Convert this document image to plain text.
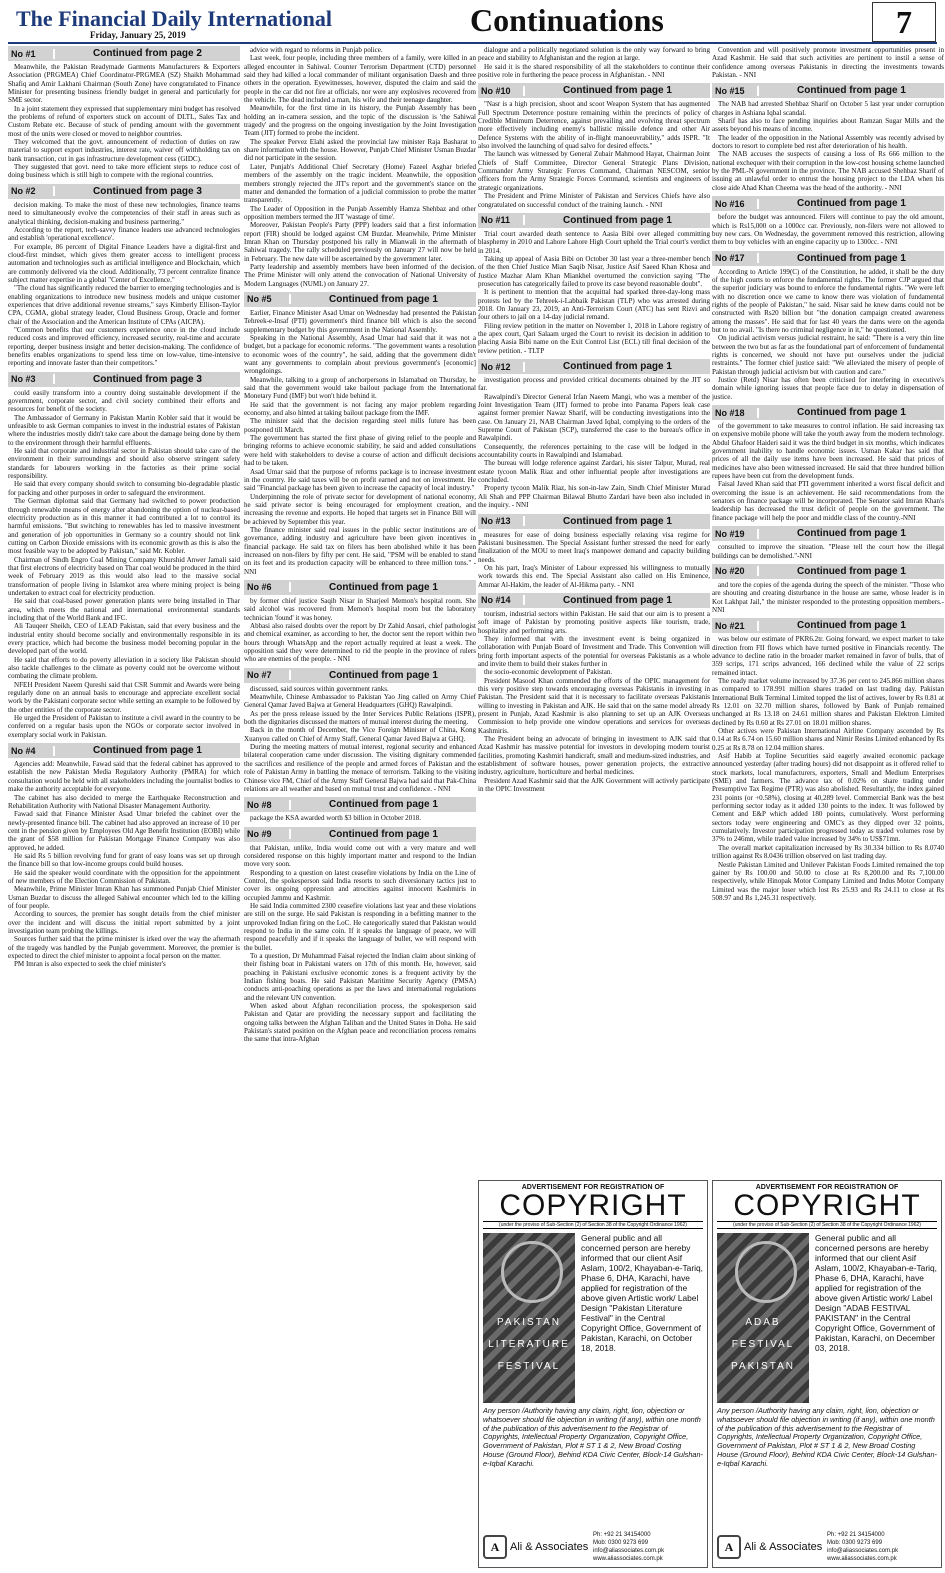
The Financial Daily International
Friday, January 25, 2019	Continuations	7
No #1	Continued from page 2

Meanwhile, the Pakistan Readymade Garments Manufacturers & Exporters Association (PRGMEA) Chief Coordinator-PRGMEA (SZ) Shaikh Mohammad Shafiq and Amir Lakhani Chairman (South Zone) have congratulated to Finance Minister for presenting business friendly budget in general and particularly for SME sector.

In a joint statement they expressed that supplementary mini budget has resolved the problems of refund of exporters stuck on account of DLTL, Sales Tax and Custom Rebate etc. Because of stuck of pending amount with the government most of the units were closed or moved to neighbor countries.

They welcomed that the govt. announcement of reduction of duties on raw material to support export industries, interest rate, waiver off withholding tax on bank transaction, cut in gas infrastructure development cess (GIDC).

They suggested that govt. need to take more efficient steps to reduce cost of doing business which is still high to compete with the regional countries.

No #2	Continued from page 3

decision making. To make the most of these new technologies, finance teams need to simultaneously evolve the competencies of their staff in areas such as analytical thinking, decision-making and business partnering."

According to the report, tech-savvy finance leaders use advanced technologies and establish 'operational excellence'.

For example, 86 percent of Digital Finance Leaders have a digital-first and cloud-first mindset, which gives them greater access to intelligent process automation and technologies such as artificial intelligence and Blockchain, which are commonly delivered via the cloud. Additionally, 73 percent centralize finance subject matter expertise in a global "Center of Excellence."

"The cloud has significantly reduced the barrier to emerging technologies and is enabling organizations to introduce new business models and unique customer experiences that drive additional revenue streams," says Kimberly Ellison-Taylor CPA, CGMA, global strategy leader, Cloud Business Group, Oracle and former chair of the Association and the American Institute of CPAs (AICPA).

"Common benefits that our customers experience once in the cloud include reduced costs and improved efficiency, increased security, real-time and accurate reporting, deeper business insight and better decision-making. The confidence of benefits enables organizations to spend less time on low-value, time-intensive reporting and innovate faster than their competitors."

No #3	Continued from page 3

could easily transform into a country doing sustainable development if the government, corporate sector, and civil society combined their efforts and resources for benefit of the society.

The Ambassador of Germany in Pakistan Martin Kobler said that it would be unfeasible to ask German companies to invest in the industrial estates of Pakistan where the industries mostly didn't take care about the damage being done by them to the environment through their harmful effluents.

He said that corporate and industrial sector in Pakistan should take care of the environment in their surroundings and should also observe stringent safety standards for labourers working in the factories as their prime social responsibility.

He said that every company should switch to consuming bio-degradable plastic for packing and other purposes in order to safeguard the environment.

The German diplomat said that Germany had switched to power production through renewable means of energy after abandoning the option of nuclear-based electricity production as in this manner it had contributed a lot to control its harmful emissions. "But switching to renewables has led to massive investment and generation of job opportunities in Germany so a country should not link cutting on Carbon Dioxide emissions with its economic growth as this is also the most feasible way to be adopted by Pakistan," said Mr. Kobler.

Chairman of Sindh Engro Coal Mining Company Khurshid Anwer Jamali said that first electrons of electricity based on Thar coal would be produced in the third week of February 2019 as this would also lead to the massive social transformation of people living in Islamkot area where mining project is being undertaken to extract coal for electricity production.

He said that coal-based power generation plants were being installed in Thar area, which meets the national and international environmental standards including that of the World Bank and IFC.

Ali Tauqeer Sheikh, CEO of LEAD Pakistan, said that every business and the industrial entity should become socially and environmentally responsible in its every practice, which had become the business model becoming popular in the developed part of the world.

He said that efforts to do poverty alleviation in a society like Pakistan should also tackle challenges to the climate as poverty could not be overcome without combating the climate problem.

NFEH President Naeem Qureshi said that CSR Summit and Awards were being regularly done on an annual basis to encourage and appreciate excellent social work by the Pakistani corporate sector while setting an example to be followed by the other entities of the corporate sector.

He urged the President of Pakistan to institute a civil award in the country to be conferred on a regular basis upon the NGOs or corporate sector involved in exemplary social work in Pakistan.

No #4	Continued from page 1

Agencies add: Meanwhile, Fawad said that the federal cabinet has approved to establish the new Pakistan Media Regulatory Authority (PMRA) for which consultation would be held with all stakeholders including the journalist bodies to make the authority acceptable for everyone.

The cabinet has also decided to merge the Earthquake Reconstruction and Rehabilitation Authority with National Disaster Management Authority.

Fawad said that Finance Minister Asad Umar briefed the cabinet over the newly-presented finance bill. The cabinet had also approved an increase of 10 per cent in the pension given by Employees Old Age Benefit Institution (EOBI) while the grant of $58 million for Pakistan Mortgage Finance Company was also approved, he added.

He said Rs 5 billion revolving fund for grant of easy loans was set up through the finance bill so that low-income groups could build houses.

He said the speaker would coordinate with the opposition for the appointment of new members of the Election Commission of Pakistan.

Meanwhile, Prime Minister Imran Khan has summoned Punjab Chief Minister Usman Buzdar to discuss the alleged Sahiwal encounter which led to the killing of four people.

According to sources, the premier has sought details from the chief minister over the incident and will discuss the initial report submitted by a joint investigation team probing the killings.

Sources further said that the prime minister is irked over the way the aftermath of the tragedy was handled by the Punjab government. Moreover, the premier is expected to direct the chief minister to appoint a focal person on the matter.

PM Imran is also expected to seek the chief minister's

advice with regard to reforms in Punjab police.

Last week, four people, including three members of a family, were killed in an alleged encounter in Sahiwal. Counter Terrorism Department (CTD) personnel said they had killed a local commander of militant organisation Daesh and three others in the operation. Eyewitnesses, however, disputed the claim and said the people in the car did not fire at officials, nor were any explosives recovered from the vehicle. The dead included a man, his wife and their teenage daughter.

Meanwhile, for the first time in its history, the Punjab Assembly has been holding an in-camera session, and the topic of the discussion is 'the Sahiwal tragedy' and the progress on the ongoing investigation by the Joint Investigation Team (JIT) formed to probe the incident.

The speaker Pervez Elahi asked the provincial law minister Raja Basharat to share information with the house. However, Punjab Chief Minister Usman Buzdar did not participate in the session.

Later, Punjab's Additional Chief Secretary (Home) Fazeel Asghar briefed members of the assembly on the tragic incident. Meanwhile, the opposition members strongly rejected the JIT's report and the government's stance on the matter and demanded the formation of a judicial commission to probe the matter transparently.

The Leader of Opposition in the Punjab Assembly Hamza Shehbaz and other opposition members termed the JIT 'wastage of time'.

Moreover, Pakistan People's Party (PPP) leaders said that a first information report (FIR) should be lodged against CM Buzdar. Meanwhile, Prime Minister Imran Khan on Thursday postponed his rally in Mianwali in the aftermath of Sahiwal tragedy. The rally scheduled previously on January 27 will now be held in February. The new date will be ascertained by the government later.

Party leadership and assembly members have been informed of the decision. The Prime Minister will only attend the convocation of National University of Modern Languages (NUML) on January 27.

No #5	Continued from page 1

Earlier, Finance Minister Asad Umar on Wednesday had presented the Pakistan Tehreek-e-Insaf (PTI) government's third finance bill which is also the second supplementary budget by this government in the National Assembly.

Speaking in the National Assembly, Asad Umar had said that it was not a budget, but a package for economic reforms. "The government wants a resolution to economic woes of the country", he said, adding that the government didn't want any governments to complain about previous government's [economic] wrongdoings.

Meanwhile, talking to a group of anchorpersons in Islamabad on Thursday, he said that the government would take bailout package from the International Monetary Fund (IMF) but won't hide behind it.

He said that the government is not facing any major problem regarding economy, and also hinted at taking bailout package from the IMF.

The minister said that the decision regarding steel mills future has been postponed till March.

The government has started the first phase of giving relief to the people and bringing reforms to achieve economic stability, he said and added consultations were held with stakeholders to devise a course of action and difficult decisions had to be taken.

Asad Umar said that the purpose of reforms package is to increase investment in the country. He said taxes will be on profit earned and not on investment. He said "Financial package has been given to increase the capacity of local industry."

Underpinning the role of private sector for development of national economy, he said private sector is being encouraged for employment creation, and increasing the revenue and exports. He hoped that targets set in Finance Bill will be achieved by September this year.

The finance minister said real issues in the public sector institutions are of governance, adding industry and agriculture have been given incentives in financial package. He said tax on filers has been abolished while it has been increased on non-filers by fifty per cent. He said, "PSM will be enabled to stand on its feet and its production capacity will be enhanced to three million tons." - NNI

No #6	Continued from page 1

by former chief justice Saqib Nisar in Sharjeel Memon's hospital room. She said alcohol was recovered from Memon's hospital room but the laboratory technician 'found' it was honey.

Abbasi also raised doubts over the report by Dr Zahid Ansari, chief pathologist and chemical examiner, as according to her, the doctor sent the report within two hours through WhatsApp and the report actually required at least a week. The opposition said they were determined to rid the people in the province of rulers who are enemies of the people. - NNI

No #7	Continued from page 1

discussed, said sources within government ranks.

Meanwhile, Chinese Ambassador to Pakistan Yao Jing called on Army Chief General Qamar Javed Bajwa at General Headquarters (GHQ) Rawalpindi.

As per the press release issued by the Inter Services Public Relations (ISPR), both the dignitaries discussed the matters of mutual interest during the meeting.

Back in the month of December, the Vice Foreign Minister of China, Kong Xuanyou called on Chief of Army Staff, General Qamar Javed Bajwa at GHQ.

During the meeting matters of mutual interest, regional security and enhanced bilateral cooperation came under discussion. The visiting dignitary commended the sacrifices and resilience of the people and armed forces of Pakistan and the role of Pakistan Army in battling the menace of terrorism. Talking to the visiting Chinese vice FM, Chief of the Army Staff General Bajwa had said that Pak-China relations are all weather and based on mutual trust and confidence. - NNI

No #8	Continued from page 1

package the KSA awarded worth $3 billion in October 2018.

No #9	Continued from page 1

that Pakistan, unlike, India would come out with a very mature and well considered response on this highly important matter and respond to the Indian move very soon.

Responding to a question on latest ceasefire violations by India on the Line of Control, the spokesperson said India resorts to such diversionary tactics just to cover its ongoing oppression and atrocities against innocent Kashmiris in occupied Jammu and Kashmir.

He said India committed 2300 ceasefire violations last year and these violations are still on the surge. He said Pakistan is responding in a befitting manner to the unprovoked Indian firing on the LoC. He categorically stated that Pakistan would respond to India in the same coin. If it speaks the language of peace, we will respond peacefully and if it speaks the language of bullet, we will respond with the bullet.

To a question, Dr Muhammad Faisal rejected the Indian claim about sinking of their fishing boat in Pakistani waters on 17th of this month. He, however, said poaching in Pakistani exclusive economic zones is a frequent activity by the Indian fishing boats. He said Pakistan Maritime Security Agency (PMSA) conducts anti-poaching operations as per the laws and international regulations and the relevant UN convention.

When asked about Afghan reconciliation process, the spokesperson said Pakistan and Qatar are providing the necessary support and facilitating the ongoing talks between the Afghan Taliban and the United States in Doha. He said Pakistan's stated position on the Afghan peace and reconciliation process remains the same that intra-Afghan

dialogue and a politically negotiated solution is the only way forward to bring peace and stability to Afghanistan and the region at large.

He said it is the shared responsibility of all the stakeholders to continue their positive role in furthering the peace process in Afghanistan. - NNI

No #10	Continued from page 1

"Nasr is a high precision, shoot and scoot Weapon System that has augmented Full Spectrum Deterrence posture remaining within the precincts of policy of Credible Minimum Deterrence, against prevailing and evolving threat spectrum more effectively including enemy's ballistic missile defence and other Air Defence Systems with the ability of in-flight manoeuvrability," adds ISPR. "It also involved the launching of quad salvo for desired effects."

The launch was witnessed by General Zubair Mahmood Hayat, Chairman Joint Chiefs of Staff Committee, Director General Strategic Plans Division, Commander Army Strategic Forces Command, Chairman NESCOM, senior officers from the Army Strategic Forces Command, scientists and engineers of strategic organizations.

The President and Prime Minister of Pakistan and Services Chiefs have also congratulated on successful conduct of the training launch. - NNI

No #11	Continued from page 1

Trial court awarded death sentence to Aasia Bibi over alleged committing blasphemy in 2010 and Lahore Lahore High Court upheld the Trial court's verdict in 2014.

Taking up appeal of Aasia Bibi on October 30 last year a three-member bench of the then Chief Justice Mian Saqib Nisar, Justice Asif Saeed Khan Khosa and Justice Mazhar Alam Khan Miankhel overturned the conviction saying "The prosecution has categorically failed to prove its case beyond reasonable doubt".

It is pertinent to mention that the acquittal had sparked three-day-long mass protests led by the Tehreek-i-Labbaik Pakistan (TLP) who was arrested during 2018. On January 23, 2019, an Anti-Terrorism Court (ATC) has sent Rizvi and four others to jail on a 14-day judicial remand.

Filing review petition in the matter on November 1, 2018 in Lahore registry of the apex court, Qari Salaam urged the Court to revisit its decision in addition to placing Aasia Bibi name on the Exit Control List (ECL) till final decision of the review petition. - TLTP

No #12	Continued from page 1

investigation process and provided critical documents obtained by the JIT so far.

Rawalpindi's Director General Irfan Naeem Mangi, who was a member of the Joint Investigation Team (JIT) formed to probe into Panama Papers leak case against former premier Nawaz Sharif, will be conducting investigations into the case. On January 21, NAB Chairman Javed Iqbal, complying to the orders of the Supreme Court of Pakistan (SCP), transferred the case to the bureau's office in Rawalpindi.

Consequently, the references pertaining to the case will be lodged in the accountability courts in Rawalpindi and Islamabad.

The bureau will lodge reference against Zardari, his sister Talpur, Murad, real estate tycoon Malik Riaz and other influential people after investigations are concluded.

Property tycoon Malik Riaz, his son-in-law Zain, Sindh Chief Minister Murad Ali Shah and PPP Chairman Bilawal Bhutto Zardari have been also included in the inquiry. - NNI

No #13	Continued from page 1

measures for ease of doing business especially relaxing visa regime for Pakistani businessmen. The Special Assistant further stressed the need for early finalization of the MOU to meet Iraq's manpower demand and capacity building needs.

On his part, Iraq's Minister of Labour expressed his willingness to mutually work towards this end. The Special Assistant also called on His Eminence, Ammar Al-Hakim, the leader of Al-Hikma party. - NNI

No #14	Continued from page 1

tourism, industrial sectors within Pakistan. He said that our aim is to present a soft image of Pakistan by promoting positive aspects like tourism, trade, hospitality and performing arts.

They informed that with the investment event is being organized in collaboration with Punjab Board of Investment and Trade. This Convention will bring forth important aspects of the potential for overseas Pakistanis as a whole and invite them to build their stakes further in

the socio-economic development of Pakistan.

President Masood Khan commended the efforts of the OPIC management for this very positive step towards encouraging overseas Pakistanis in investing in Pakistan. The President said that it is necessary to facilitate overseas Pakistanis willing to investing in Pakistan and AJK. He said that on the same model already present in Punjab, Azad Kashmir is also planning to set up an AJK Overseas Commission to help provide one window operations and services for overseas Kashmiris.

The President being an advocate of bringing in investment to AJK said that Azad Kashmir has massive potential for investors in developing modern tourist facilities, promoting Kashmiri handicraft, small and medium-sized industries, and establishment of software houses, power generation projects, the extractive industry, agriculture, horticulture and herbal medicines.

President Azad Kashmir said that the AJK Government will actively participate in the OPIC Investment

Convention and will positively promote investment opportunities present in Azad Kashmir. He said that such activities are pertinent to instil a sense of confidence among overseas Pakistanis in directing the investments towards Pakistan. - NNI

No #15	Continued from page 1

The NAB had arrested Shehbaz Sharif on October 5 last year under corruption charges in Ashiana Iqbal scandal.

Sharif has also to face pending inquiries about Ramzan Sugar Mills and the assets beyond his means of income.

The leader of the opposition in the National Assembly was recently advised by doctors to resort to complete bed rest after deterioration of his health.

The NAB accuses the suspects of causing a loss of Rs 666 million to the national exchequer with their corruption in the low-cost housing scheme launched by the PML-N government in the province. The NAB accused Shehbaz Sharif of issuing an unlawful order to entrust the housing project to the LDA when his close aide Ahad Khan Cheema was the head of the authority. - NNI

No #16	Continued from page 1

before the budget was announced. Filers will continue to pay the old amount, which is Rs15,000 on a 1000cc car. Previously, non-filers were not allowed to buy new cars. On Wednesday, the government removed this restriction, allowing them to buy vehicles with an engine capacity up to 1300cc. - NNI

No #17	Continued from page 1

According to Article 199(C) of the Constitution, he added, it shall be the duty of the high courts to enforce the fundamental rights. The former CJP argued that the superior judiciary was bound to enforce the fundamental rights. "We were left with no discretion once we came to know there was violation of fundamental rights of the people of Pakistan," he said. Nisar said he knew dams could not be constructed with Rs20 billion but "the donation campaign created awareness among the masses". He said that for last 40 years the dams were on the agenda but to no avail. "Is there no criminal negligence in it," he questioned.

On judicial activism versus judicial restraint, he said: "There is a very thin line between the two but as far as the foundational part of enforcement of fundamental rights is concerned, we should not have put ourselves under the judicial restraints." The former chief justice said: "We alleviated the misery of people of Pakistan through judicial activism but with caution and care."

Justice (Retd) Nisar has often been criticised for interfering in executive's domain while ignoring issues that people face due to delay in dispensation of justice.

No #18	Continued from page 1

of the government to take measures to control inflation. He said increasing tax on expensive mobile phone will take the youth away from the modern technology. Abdul Ghafoor Haideri said it was the third budget in six months, which indicates government inability to handle economic issues. Usman Kakar has said that prices of all the daily use items have been increased. He said that prices of medicines have also been witnessed increased. He said that three hundred billion rupees have been cut from the development funds.

Faisal Javed Khan said that PTI government inherited a worst fiscal deficit and overcoming the issue is an achievement. He said recommendations from the senators on finance package will be incorporated. The Senator said Imran Khan's leadership has decreased the trust deficit of people on the government. The finance package will help the poor and middle class of the country.-NNI

No #19	Continued from page 1

consulted to improve the situation. "Please tell the court how the illegal buildings can be demolished."-NNI

No #20	Continued from page 1

and tore the copies of the agenda during the speech of the minister. "Those who are shouting and creating disturbance in the house are same, whose leader is in Kot Lakhpat Jail," the minister responded to the protesting opposition members.-NNI

No #21	Continued from page 1

was below our estimate of PKR6.2tr. Going forward, we expect market to take direction from FII flows which have turned positive in Financials recently. The advance to decline ratio in the broader market remained in favor of bulls, that of 359 scrips, 171 scrips advanced, 166 declined while the value of 22 scrips remained intact.

The ready market volume increased by 37.36 per cent to 245.866 million shares as compared to 178.991 million shares traded on last trading day. Pakistan International Bulk Terminal Limited topped the list of actives, lower by Rs 0.81 at Rs 12.01 on 32.70 million shares, followed by Bank of Punjab remained unchanged at Rs 13.18 on 24.61 million shares and Pakistan Elektron Limited declined by Rs 0.60 at Rs 27.01 on 18.01 million shares.

Other actives were Pakistan International Airline Company ascended by Rs 0.14 at Rs 6.74 on 15.60 million shares and Nimir Resins Limited enhanced by Rs 0.25 at Rs 8.78 on 12.04 million shares.

Asif Habib at Topline Securities said eagerly awaited economic package announced yesterday (after trading hours) did not disappoint as it offered relief to stock markets, local manufacturers, exporters, Small and Medium Enterprises (SME) and farmers. The advance tax of 0.02% on share trading under Presumptive Tax Regime (PTR) was also abolished. Resultantly, the index gained 231 points (or +0.58%), closing at 40,289 level. Commercial Bank was the best performing sector today as it added 130 points to the index. It was followed by Cement and E&P which added 180 points, cumulatively. Worst performing sectors today were engineering and OMC's as they dipped over 32 points, cumulatively. Investor participation progressed today as traded volumes rose by 37% to 246mn, while traded value increased by 34% to US$71mn.

The overall market capitalization increased by Rs 30.334 billion to Rs 8.0740 trillion against Rs 8.0436 trillion observed on last trading day.

Nestle Pakistan Limited and Unilever Pakistan Foods Limited remained the top gainer by Rs 100.00 and 50.00 to close at Rs 8,200.00 and Rs 7,100.00 respectively, while Hinopak Motor Company Limited and Indus Motor Company Limited was the major loser which lost Rs 25.93 and Rs 24.11 to close at Rs 508.97 and Rs 1,245.31 respectively.

ADVERTISEMENT FOR REGISTRATION OF
COPYRIGHT
(under the proviso of Sub-Section (2) of Section 38 of the Copyright Ordinance 1962)
PAKISTAN
LITERATURE
FESTIVAL
General public and all concerned person are hereby informed that our client Asif Aslam, 100/2, Khayaban-e-Tariq, Phase 6, DHA, Karachi, have applied for registration of the above given Artistic work/ Label Design "Pakistan Literature Festival" in the Central Copyright Office, Government of Pakistan, Karachi, on October 18, 2018.
Any person /Authority having any claim, right, lion, objection or whatsoever should file objection in writing (if any), within one month of the publication of this advertisement to the Registrar of Copyrights, Intellectual Property Organization, Copyright Office, Government of Pakistan, Plot # ST 1 & 2, New Broad Costing House (Ground Floor), Behind KDA Civic Center, Block-14 Gulshan-e-Iqbal Karachi.
A Ali & Associates
Ph: +92 21 34154000
Mob: 0300 9273 699
info@aliassociates.com.pk
www.aliassociates.com.pk
ADVERTISEMENT FOR REGISTRATION OF
COPYRIGHT
(under the proviso of Sub-Section (2) of Section 38 of the Copyright Ordinance 1962)
ADAB
FESTIVAL
PAKISTAN
General public and all concerned persons are hereby informed that our client Asif Aslam, 100/2, Khayaban-e-Tariq, Phase 6, DHA, Karachi, have applied for registration of the above given Artistic work/ Label Design "ADAB FESTIVAL PAKISTAN" in the Central Copyright Office, Government of Pakistan, Karachi, on December 03, 2018.
Any person /Authority having any claim, right, lion, objection or whatsoever should file objection in writing (if any), within one month of the publication of this advertisement to the Registrar of Copyrights, Intellectual Property Organization, Copyright Office, Government of Pakistan, Plot # ST 1 & 2, New Broad Costing House (Ground Floor), Behind KDA Civic Center, Block-14 Gulshan-e-Iqbal Karachi.
A Ali & Associates
Ph: +92 21 34154000
Mob: 0300 9273 699
info@aliassociates.com.pk
www.aliassociates.com.pk
